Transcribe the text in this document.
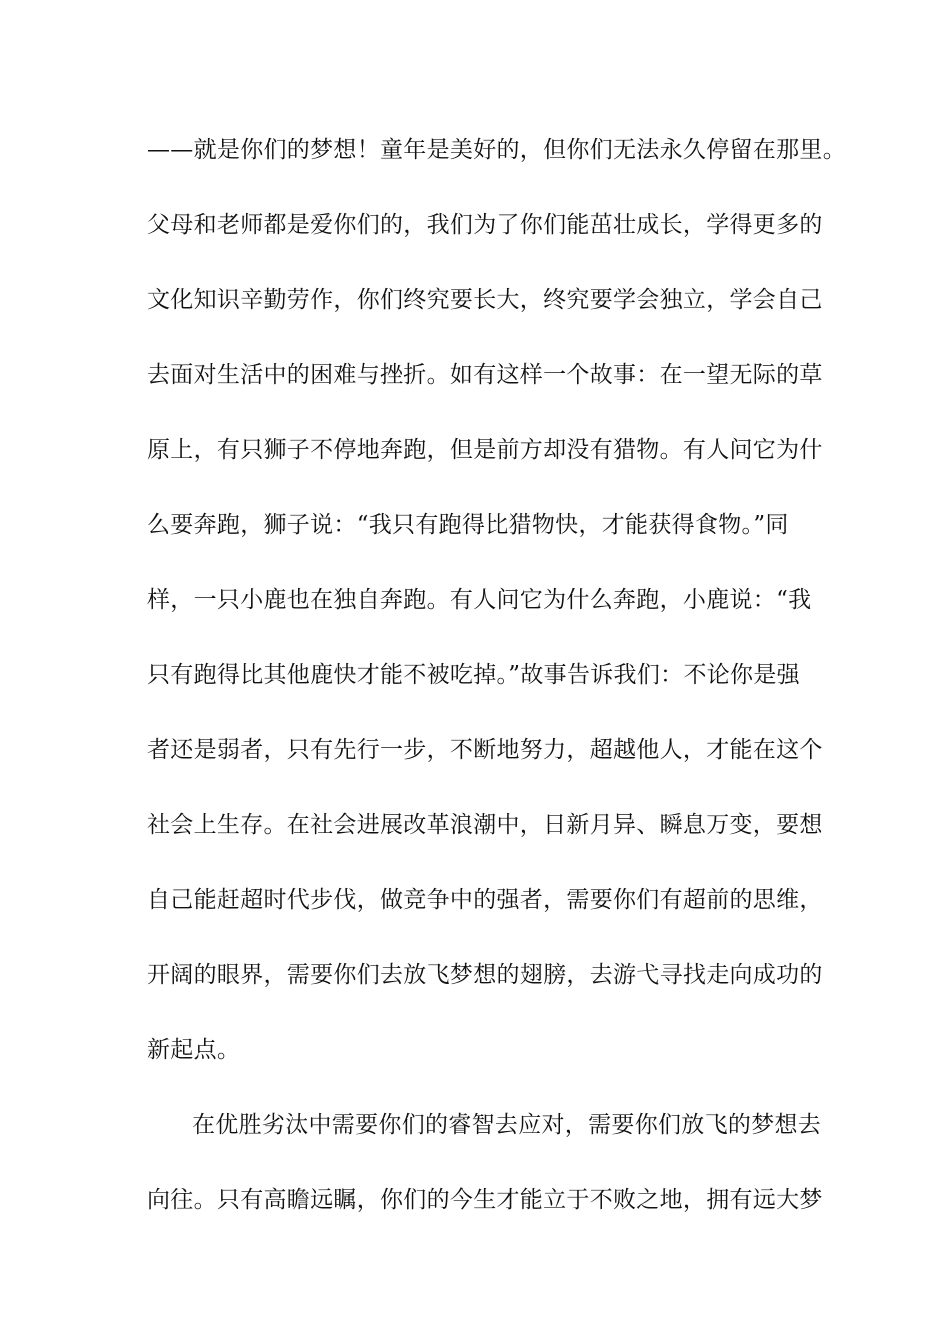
——就是你们的梦想！童年是美好的，但你们无法永久停留在那里。
父母和老师都是爱你们的，我们为了你们能茁壮成长，学得更多的
文化知识辛勤劳作，你们终究要长大，终究要学会独立，学会自己
去面对生活中的困难与挫折。如有这样一个故事：在一望无际的草
原上，有只狮子不停地奔跑，但是前方却没有猎物。有人问它为什
么要奔跑，狮子说：“我只有跑得比猎物快，才能获得食物。”同
样，一只小鹿也在独自奔跑。有人问它为什么奔跑，小鹿说：“我
只有跑得比其他鹿快才能不被吃掉。”故事告诉我们：不论你是强
者还是弱者，只有先行一步，不断地努力，超越他人，才能在这个
社会上生存。在社会进展改革浪潮中，日新月异、瞬息万变，要想
自己能赶超时代步伐，做竞争中的强者，需要你们有超前的思维，
开阔的眼界，需要你们去放飞梦想的翅膀，去游弋寻找走向成功的
新起点。
在优胜劣汰中需要你们的睿智去应对，需要你们放飞的梦想去
向往。只有高瞻远瞩，你们的今生才能立于不败之地，拥有远大梦
